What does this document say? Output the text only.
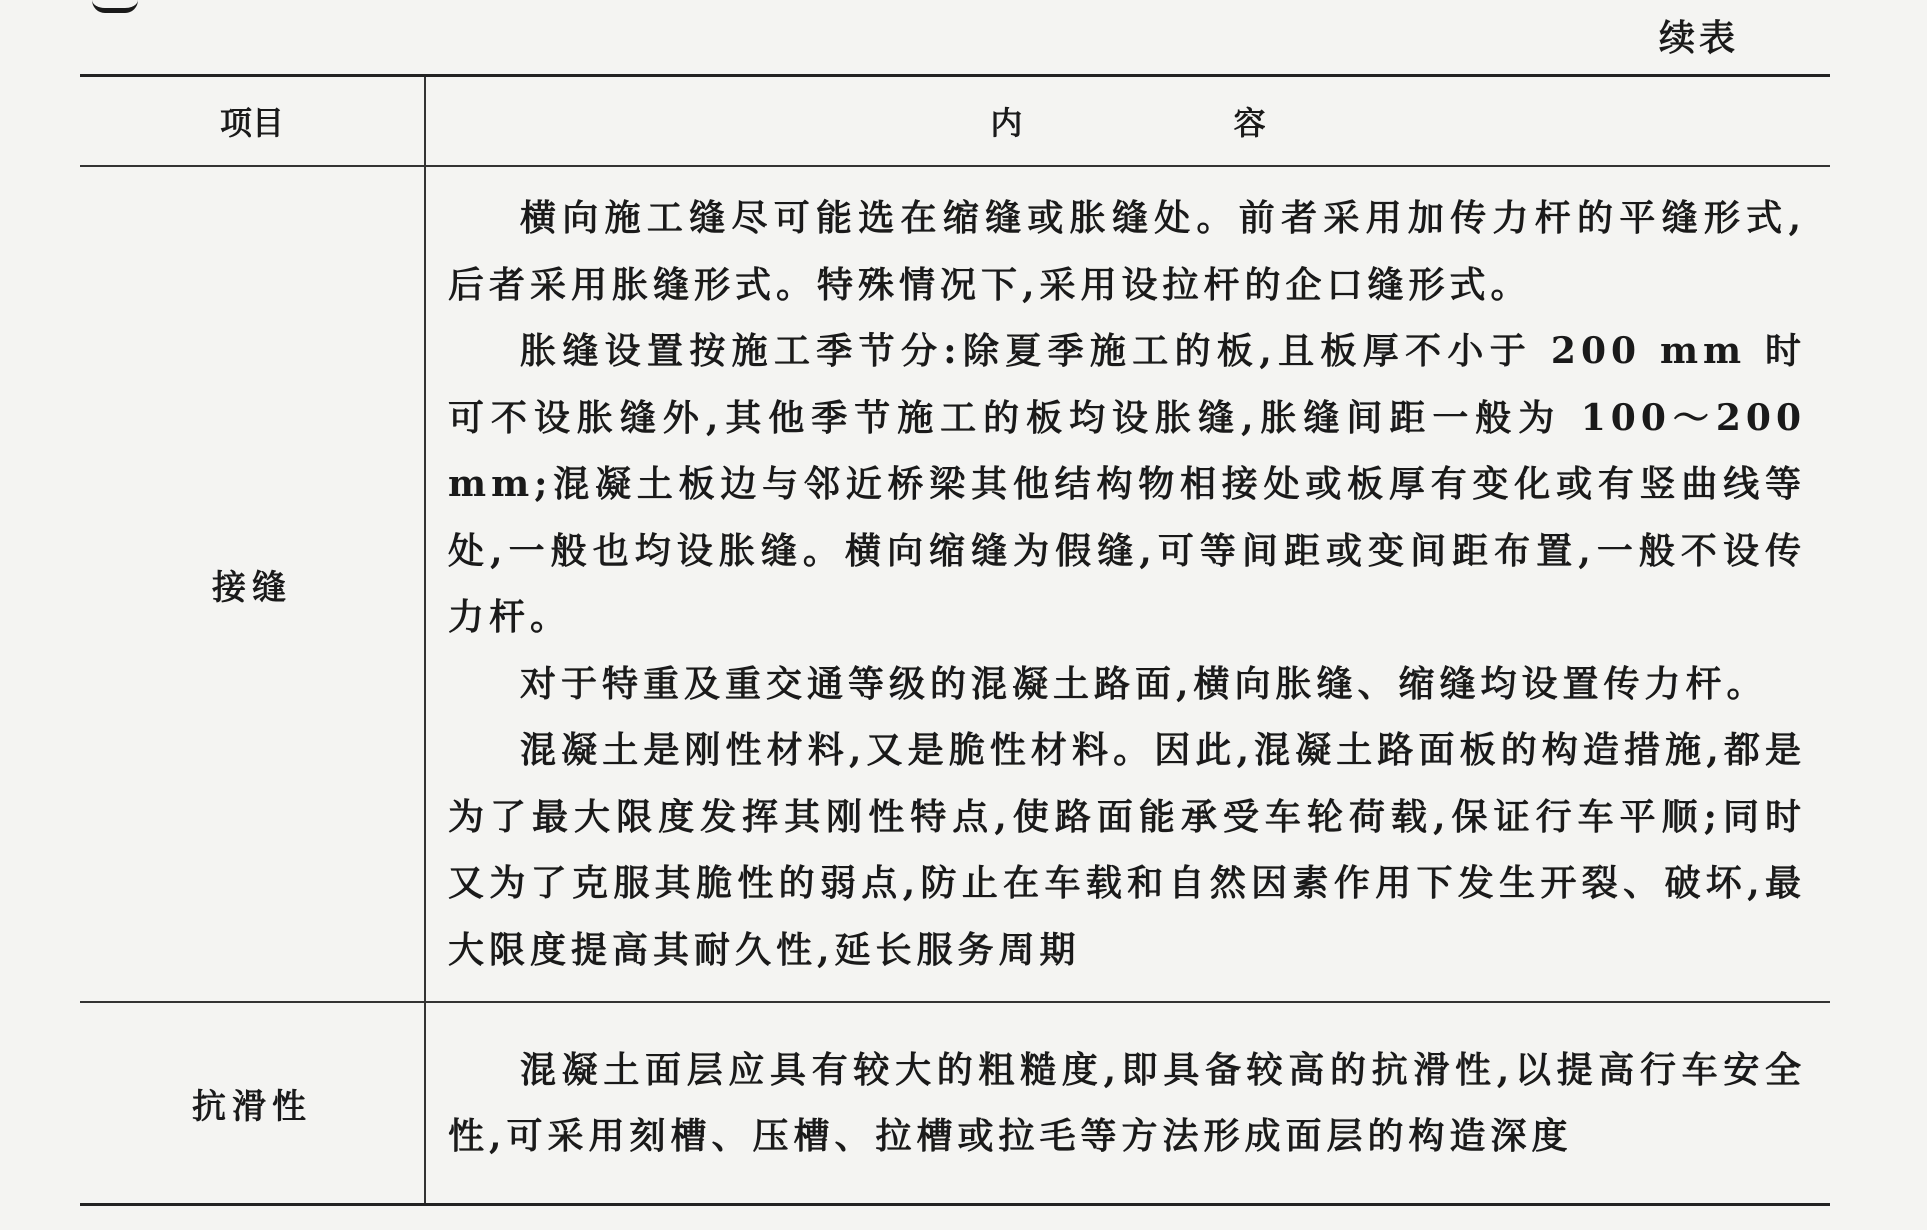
续表
项目	内 容
接缝	横向施工缝尽可能选在缩缝或胀缝处。前者采用加传力杆的平缝形式,后者采用胀缝形式。特殊情况下,采用设拉杆的企口缝形式。

胀缝设置按施工季节分:除夏季施工的板,且板厚不小于 200 mm 时可不设胀缝外,其他季节施工的板均设胀缝,胀缝间距一般为 100～200 mm;混凝土板边与邻近桥梁其他结构物相接处或板厚有变化或有竖曲线等处,一般也均设胀缝。横向缩缝为假缝,可等间距或变间距布置,一般不设传力杆。

对于特重及重交通等级的混凝土路面,横向胀缝、缩缝均设置传力杆。

混凝土是刚性材料,又是脆性材料。因此,混凝土路面板的构造措施,都是为了最大限度发挥其刚性特点,使路面能承受车轮荷载,保证行车平顺;同时又为了克服其脆性的弱点,防止在车载和自然因素作用下发生开裂、破坏,最大限度提高其耐久性,延长服务周期

抗滑性	混凝土面层应具有较大的粗糙度,即具备较高的抗滑性,以提高行车安全性,可采用刻槽、压槽、拉槽或拉毛等方法形成面层的构造深度
